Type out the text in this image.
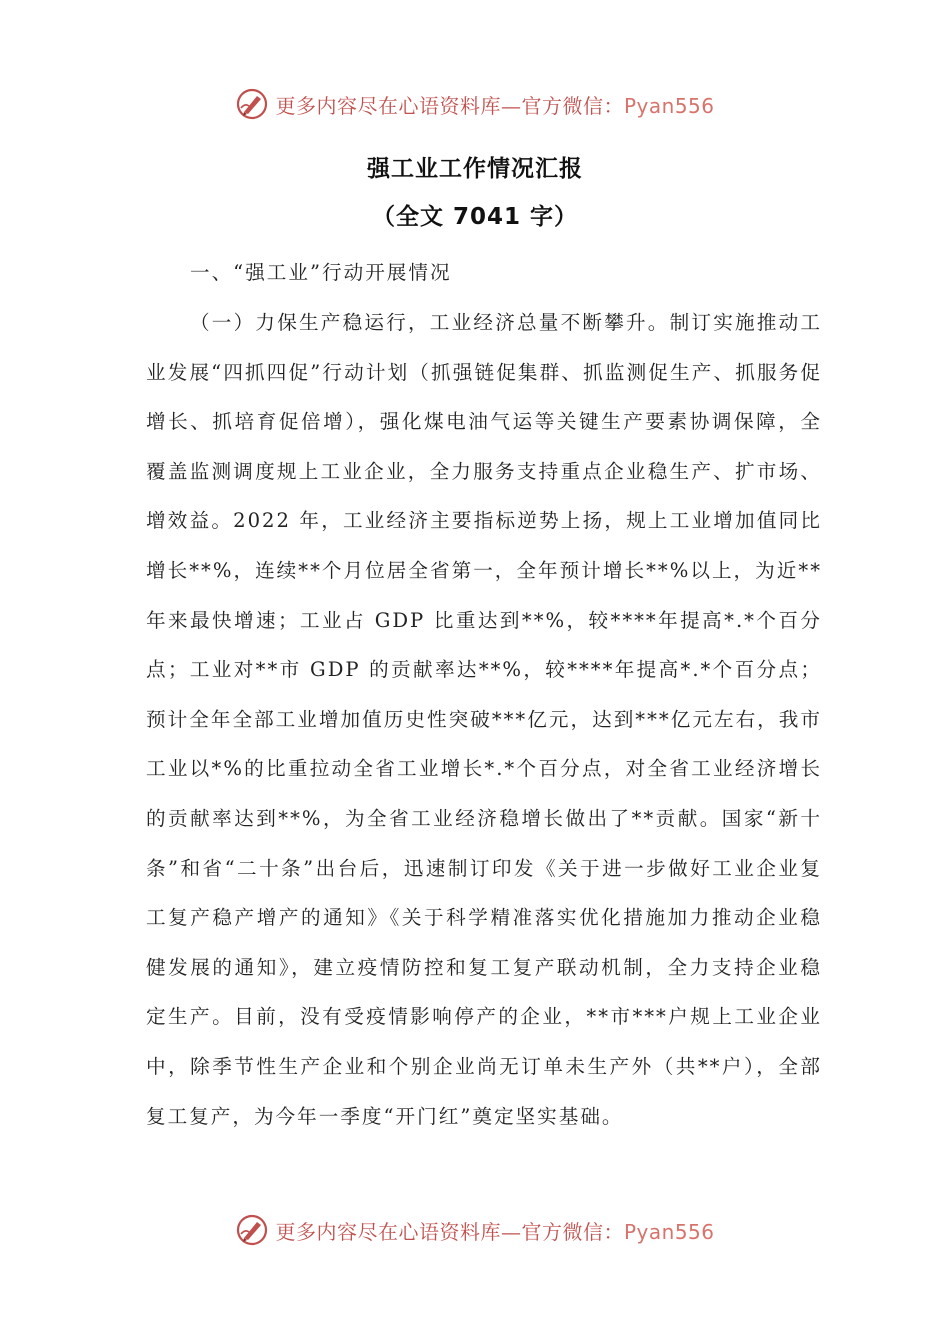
更多内容尽在心语资料库—官方微信：Pyan556
强工业工作情况汇报
（全文 7041 字）

一、“强工业”行动开展情况

（一）力保生产稳运行，工业经济总量不断攀升。制订实施推动工业发展“四抓四促”行动计划（抓强链促集群、抓监测促生产、抓服务促增长、抓培育促倍增），强化煤电油气运等关键生产要素协调保障，全覆盖监测调度规上工业企业，全力服务支持重点企业稳生产、扩市场、增效益。2022 年，工业经济主要指标逆势上扬，规上工业增加值同比增长**%，连续**个月位居全省第一，全年预计增长**%以上，为近**年来最快增速；工业占 GDP 比重达到**%，较****年提高*.*个百分点；工业对**市 GDP 的贡献率达**%，较****年提高*.*个百分点；预计全年全部工业增加值历史性突破***亿元，达到***亿元左右，我市工业以*%的比重拉动全省工业增长*.*个百分点，对全省工业经济增长的贡献率达到**%，为全省工业经济稳增长做出了**贡献。国家“新十条”和省“二十条”出台后，迅速制订印发《关于进一步做好工业企业复工复产稳产增产的通知》《关于科学精准落实优化措施加力推动企业稳健发展的通知》，建立疫情防控和复工复产联动机制，全力支持企业稳定生产。目前，没有受疫情影响停产的企业，**市***户规上工业企业中，除季节性生产企业和个别企业尚无订单未生产外（共**户），全部复工复产，为今年一季度“开门红”奠定坚实基础。

更多内容尽在心语资料库—官方微信：Pyan556
